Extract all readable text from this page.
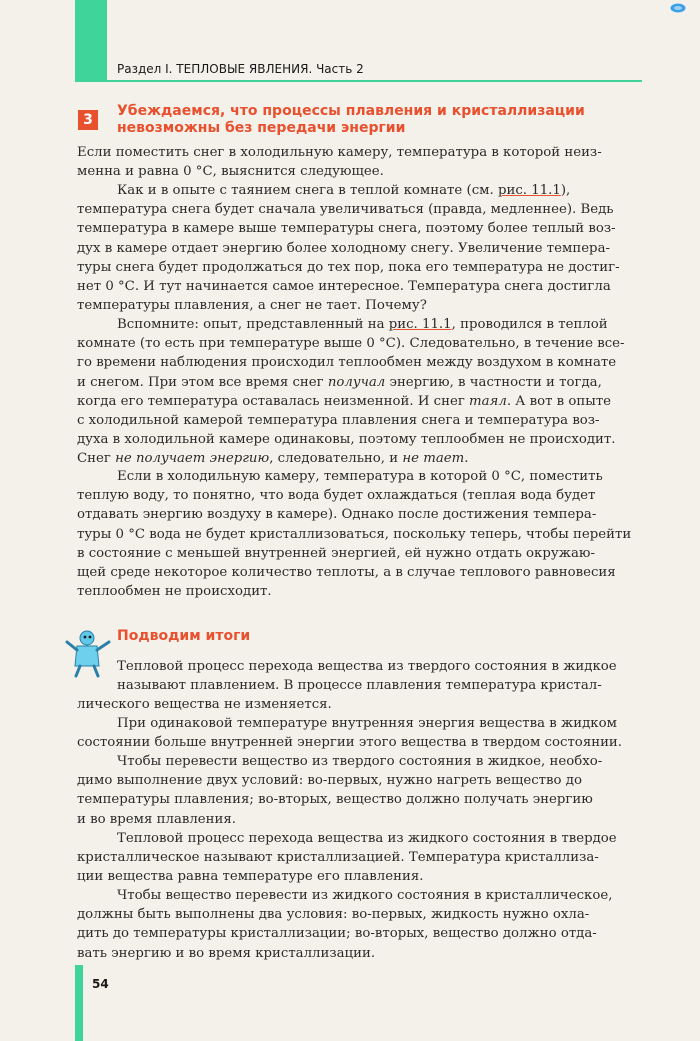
Раздел I. ТЕПЛОВЫЕ ЯВЛЕНИЯ. Часть 2
3
Убеждаемся, что процессы плавления и кристаллизации
невозможны без передачи энергии
Если поместить снег в холодильную камеру, температура в которой неиз-
менна и равна 0 °С, выяснится следующее.
Как и в опыте с таянием снега в теплой комнате (см. рис. 11.1),
температура снега будет сначала увеличиваться (правда, медленнее). Ведь
температура в камере выше температуры снега, поэтому более теплый воз-
дух в камере отдает энергию более холодному снегу. Увеличение темпера-
туры снега будет продолжаться до тех пор, пока его температура не достиг-
нет 0 °С. И тут начинается самое интересное. Температура снега достигла
температуры плавления, а снег не тает. Почему?
Вспомните: опыт, представленный на рис. 11.1, проводился в теплой
комнате (то есть при температуре выше 0 °С). Следовательно, в течение все-
го времени наблюдения происходил теплообмен между воздухом в комнате
и снегом. При этом все время снег получал энергию, в частности и тогда,
когда его температура оставалась неизменной. И снег таял. А вот в опыте
с холодильной камерой температура плавления снега и температура воз-
духа в холодильной камере одинаковы, поэтому теплообмен не происходит.
Снег не получает энергию, следовательно, и не тает.
Если в холодильную камеру, температура в которой 0 °С, поместить
теплую воду, то понятно, что вода будет охлаждаться (теплая вода будет
отдавать энергию воздуху в камере). Однако после достижения темпера-
туры 0 °С вода не будет кристаллизоваться, поскольку теперь, чтобы перейти
в состояние с меньшей внутренней энергией, ей нужно отдать окружаю-
щей среде некоторое количество теплоты, а в случае теплового равновесия
теплообмен не происходит.
Подводим итоги
Тепловой процесс перехода вещества из твердого состояния в жидкое
называют плавлением. В процессе плавления температура кристал-
лического вещества не изменяется.
При одинаковой температуре внутренняя энергия вещества в жидком
состоянии больше внутренней энергии этого вещества в твердом состоянии.
Чтобы перевести вещество из твердого состояния в жидкое, необхо-
димо выполнение двух условий: во-первых, нужно нагреть вещество до
температуры плавления; во-вторых, вещество должно получать энергию
и во время плавления.
Тепловой процесс перехода вещества из жидкого состояния в твердое
кристаллическое называют кристаллизацией. Температура кристаллиза-
ции вещества равна температуре его плавления.
Чтобы вещество перевести из жидкого состояния в кристаллическое,
должны быть выполнены два условия: во-первых, жидкость нужно охла-
дить до температуры кристаллизации; во-вторых, вещество должно отда-
вать энергию и во время кристаллизации.
54
